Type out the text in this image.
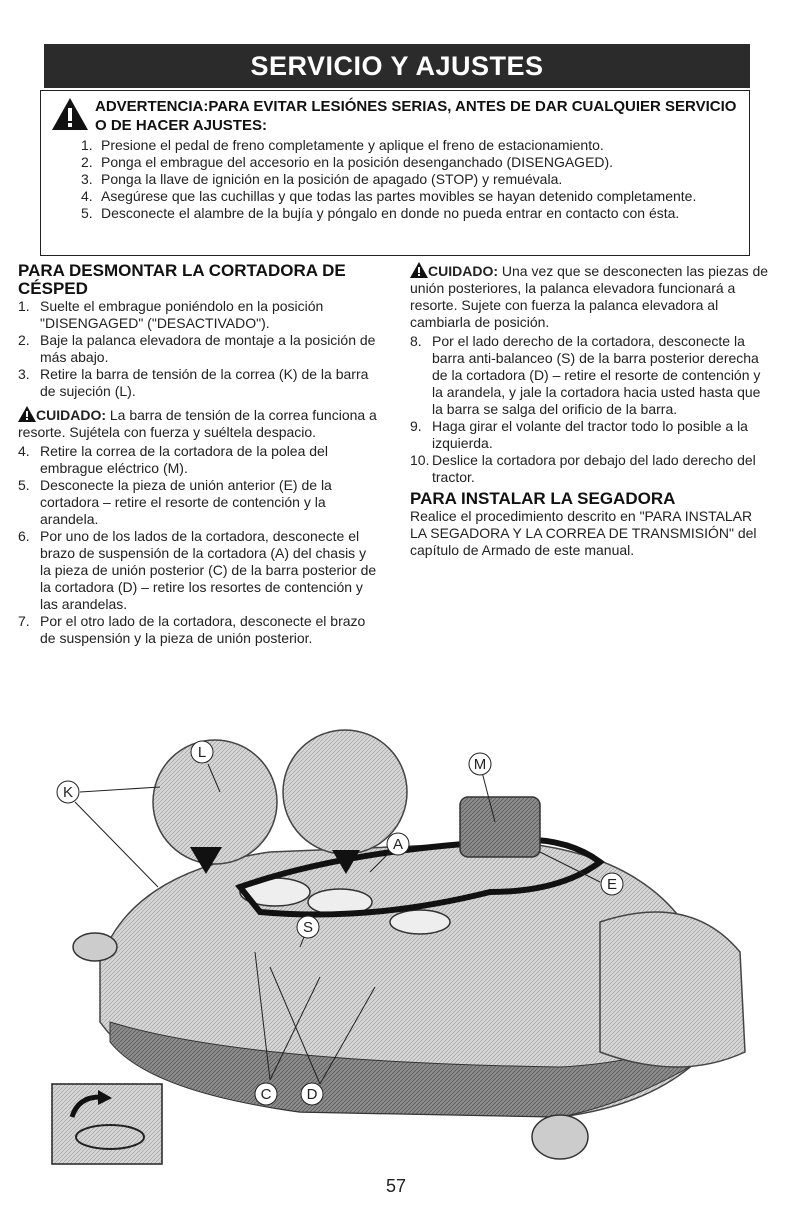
SERVICIO Y AJUSTES
ADVERTENCIA:PARA EVITAR LESIÓNES SERIAS, ANTES DE DAR CUALQUIER SERVICIO O DE HACER AJUSTES:
1. Presione el pedal de freno completamente y aplique el freno de estacionamiento.
2. Ponga el embrague del accesorio en la posición desenganchado (DISENGAGED).
3. Ponga la llave de ignición en la posición de apagado (STOP) y remuévala.
4. Asegúrese que las cuchillas y que todas las partes movibles se hayan detenido completamente.
5. Desconecte el alambre de la bujía y póngalo en donde no pueda entrar en contacto con ésta.
PARA DESMONTAR LA CORTADORA DE CÉSPED
1. Suelte el embrague poniéndolo en la posición "DISENGAGED" ("DESACTIVADO").
2. Baje la palanca elevadora de montaje a la posición de más abajo.
3. Retire la barra de tensión de la correa (K) de la barra de sujeción (L).
CUIDADO: La barra de tensión de la correa funciona a resorte. Sujétela con fuerza y suéltela despacio.
4. Retire la correa de la cortadora de la polea del embrague eléctrico (M).
5. Desconecte la pieza de unión anterior (E) de la cortadora – retire el resorte de contención y la arandela.
6. Por uno de los lados de la cortadora, desconecte el brazo de suspensión de la cortadora (A) del chasis y la pieza de unión posterior (C) de la barra posterior de la cortadora (D) – retire los resortes de contención y las arandelas.
7. Por el otro lado de la cortadora, desconecte el brazo de suspensión y la pieza de unión posterior.
CUIDADO: Una vez que se desconecten las piezas de unión posteriores, la palanca elevadora funcionará a resorte. Sujete con fuerza la palanca elevadora al cambiarla de posición.
8. Por el lado derecho de la cortadora, desconecte la barra anti-balanceo (S) de la barra posterior derecha de la cortadora (D) – retire el resorte de contención y la arandela, y jale la cortadora hacia usted hasta que la barra se salga del orificio de la barra.
9. Haga girar el volante del tractor todo lo posible a la izquierda.
10. Deslice la cortadora por debajo del lado derecho del tractor.
PARA INSTALAR LA SEGADORA
Realice el procedimiento descrito en "PARA INSTALAR LA SEGADORA Y LA CORREA DE TRANSMISIÓN" del capítulo de Armado de este manual.
K
L
A
M
E
S
C D
57
